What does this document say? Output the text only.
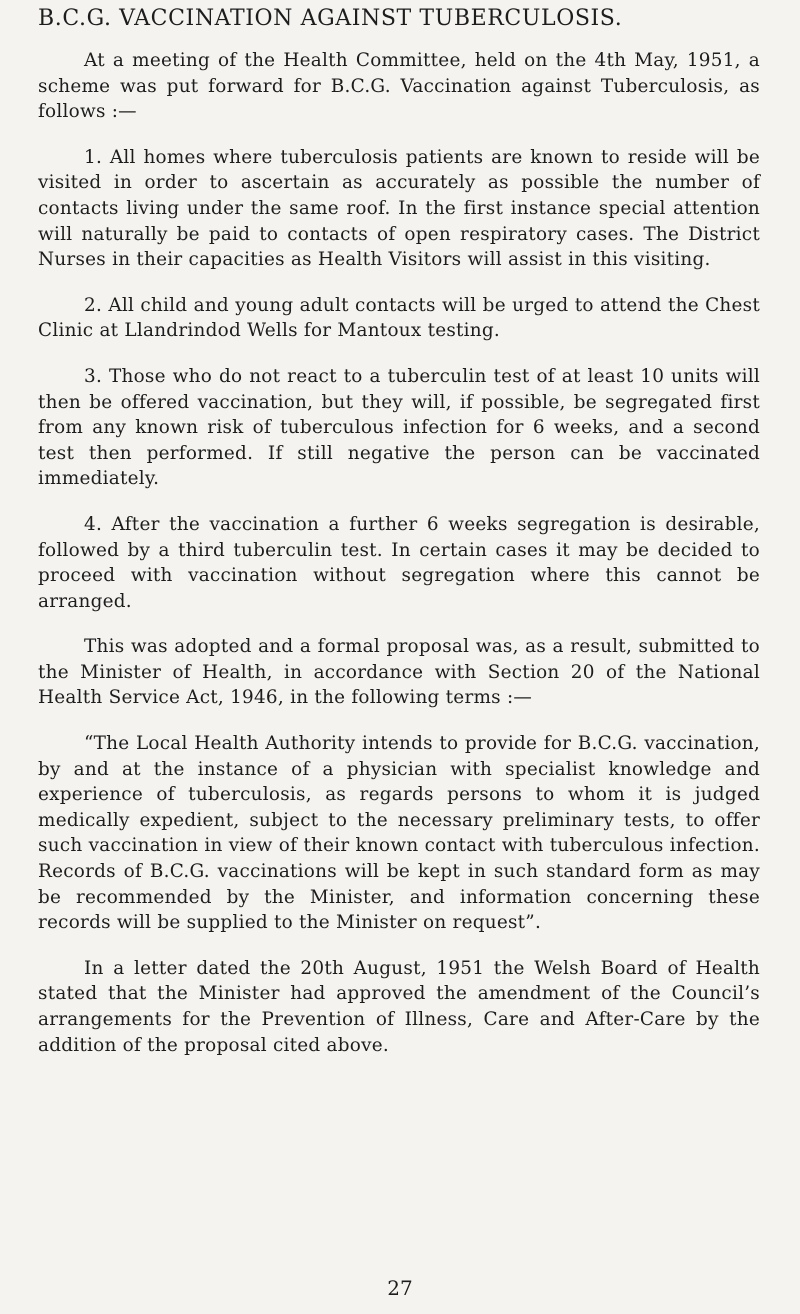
B.C.G. VACCINATION AGAINST TUBERCULOSIS.

At a meeting of the Health Committee, held on the 4th May, 1951, a scheme was put forward for B.C.G. Vaccination against Tuberculosis, as follows :—

1. All homes where tuberculosis patients are known to reside will be visited in order to ascertain as accurately as possible the number of contacts living under the same roof. In the first instance special attention will naturally be paid to contacts of open respiratory cases. The District Nurses in their capacities as Health Visitors will assist in this visiting.

2. All child and young adult contacts will be urged to attend the Chest Clinic at Llandrindod Wells for Mantoux testing.

3. Those who do not react to a tuberculin test of at least 10 units will then be offered vaccination, but they will, if possible, be segregated first from any known risk of tuberculous infection for 6 weeks, and a second test then performed. If still negative the person can be vaccinated immediately.

4. After the vaccination a further 6 weeks segregation is desirable, followed by a third tuberculin test. In certain cases it may be decided to proceed with vaccination without segregation where this cannot be arranged.

This was adopted and a formal proposal was, as a result, submitted to the Minister of Health, in accordance with Section 20 of the National Health Service Act, 1946, in the following terms :—

“The Local Health Authority intends to provide for B.C.G. vaccination, by and at the instance of a physician with specialist knowledge and experience of tuberculosis, as regards persons to whom it is judged medically expedient, subject to the necessary preliminary tests, to offer such vaccination in view of their known contact with tuberculous infection. Records of B.C.G. vaccinations will be kept in such standard form as may be recommended by the Minister, and information concerning these records will be supplied to the Minister on request”.

In a letter dated the 20th August, 1951 the Welsh Board of Health stated that the Minister had approved the amendment of the Council’s arrangements for the Prevention of Illness, Care and After-Care by the addition of the proposal cited above.

27
